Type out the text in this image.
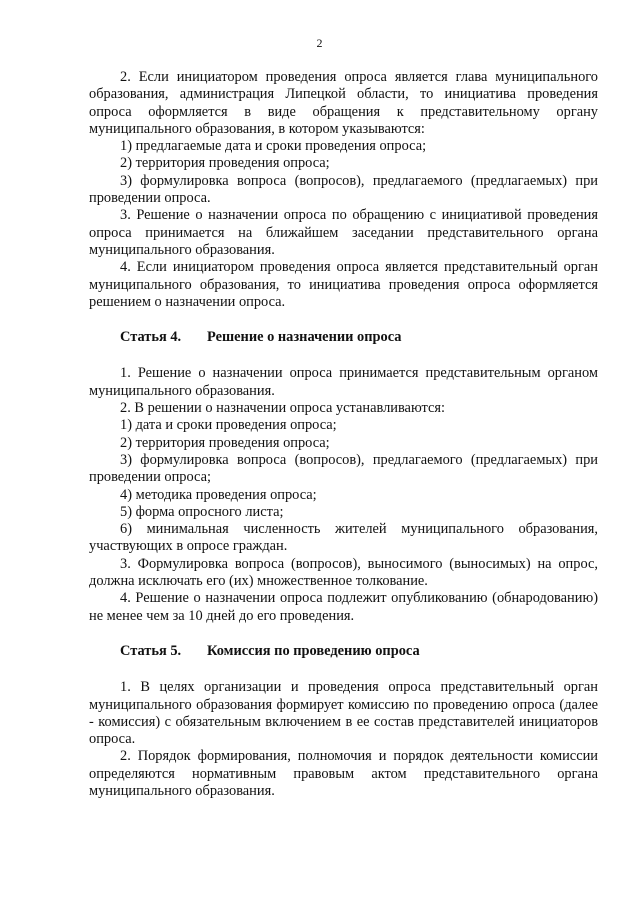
2

2. Если инициатором проведения опроса является глава муниципального образования, администрация Липецкой области, то инициатива проведения опроса оформляется в виде обращения к представительному органу муниципального образования, в котором указываются:

1) предлагаемые дата и сроки проведения опроса;

2) территория проведения опроса;

3) формулировка вопроса (вопросов), предлагаемого (предлагаемых) при проведении опроса.

3. Решение о назначении опроса по обращению с инициативой проведения опроса принимается на ближайшем заседании представительного органа муниципального образования.

4. Если инициатором проведения опроса является представительный орган муниципального образования, то инициатива проведения опроса оформляется решением о назначении опроса.

Статья 4. Решение о назначении опроса

1. Решение о назначении опроса принимается представительным органом муниципального образования.

2. В решении о назначении опроса устанавливаются:

1) дата и сроки проведения опроса;

2) территория проведения опроса;

3) формулировка вопроса (вопросов), предлагаемого (предлагаемых) при проведении опроса;

4) методика проведения опроса;

5) форма опросного листа;

6) минимальная численность жителей муниципального образования, участвующих в опросе граждан.

3. Формулировка вопроса (вопросов), выносимого (выносимых) на опрос, должна исключать его (их) множественное толкование.

4. Решение о назначении опроса подлежит опубликованию (обнародованию) не менее чем за 10 дней до его проведения.

Статья 5. Комиссия по проведению опроса

1. В целях организации и проведения опроса представительный орган муниципального образования формирует комиссию по проведению опроса (далее - комиссия) с обязательным включением в ее состав представителей инициаторов опроса.

2. Порядок формирования, полномочия и порядок деятельности комиссии определяются нормативным правовым актом представительного органа муниципального образования.
